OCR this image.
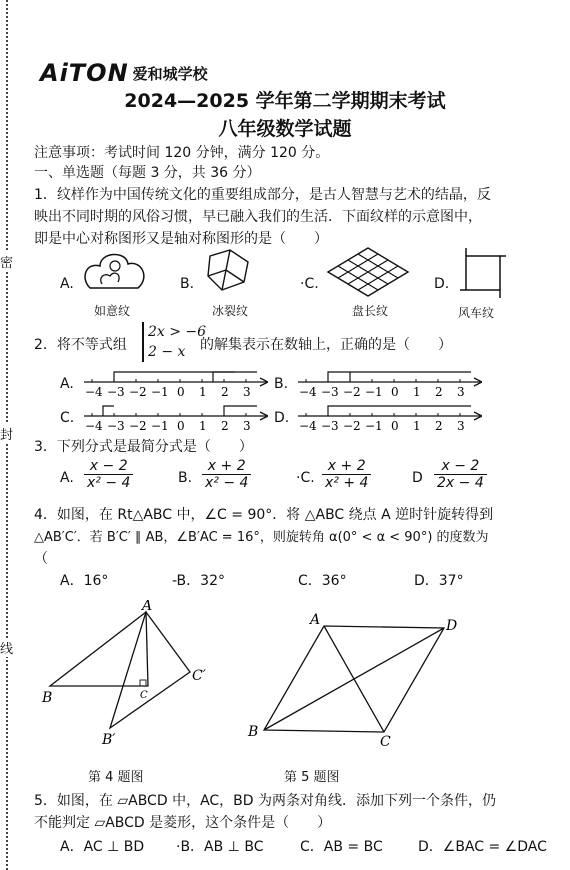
密
封
线
AiTON 爱和城学校
2024—2025 学年第二学期期末考试
八年级数学试题
注意事项：考试时间 120 分钟，满分 120 分。
一、单选题（每题 3 分，共 36 分）
1．纹样作为中国传统文化的重要组成部分，是古人智慧与艺术的结晶，反
映出不同时期的风俗习惯，早已融入我们的生活．下面纹样的示意图中，
即是中心对称图形又是轴对称图形的是（　　）
A.
如意纹
B.
冰裂纹
·C.
盘长纹
D.
风车纹
2．将不等式组
2x > −6
2 − x	的解集表示在数轴上，正确的是（　　）
A.	B.
C.	D.
−4 −3 −2 −1 0 1 2 3	−4 −3 −2 −1 0 1 2 3
−4 −3 −2 −1 0 1 2 3	−4 −3 −2 −1 0 1 2 3
3．下列分式是最简分式是（　　）
A. $\frac{x - 2}{\text{x² − 4}}$	B. $\frac{x + 2}{\text{x² − 4}}$	·C. $\frac{x + 2}{\text{x² + 4}}$	D $\frac{x - 2}{2x - 4}$
4．如图，在 Rt△ABC 中，∠C = 90°．将 △ABC 绕点 A 逆时针旋转得到
△AB′C′．若 B′C′ ∥ AB，∠B′AC = 16°，则旋转角 α(0° < α < 90°) 的度数为
（
A．16°	-B．32°	C．36°	D．37°
A
B	C
C′
B′
第 4 题图
A	D
B
C
第 5 题图
5．如图，在 ▱ABCD 中，AC，BD 为两条对角线．添加下列一个条件，仍
不能判定 ▱ABCD 是菱形，这个条件是（　　）
A．AC ⊥ BD ·B．AB ⊥ BC	C．AB = BC	D．∠BAC = ∠DAC
